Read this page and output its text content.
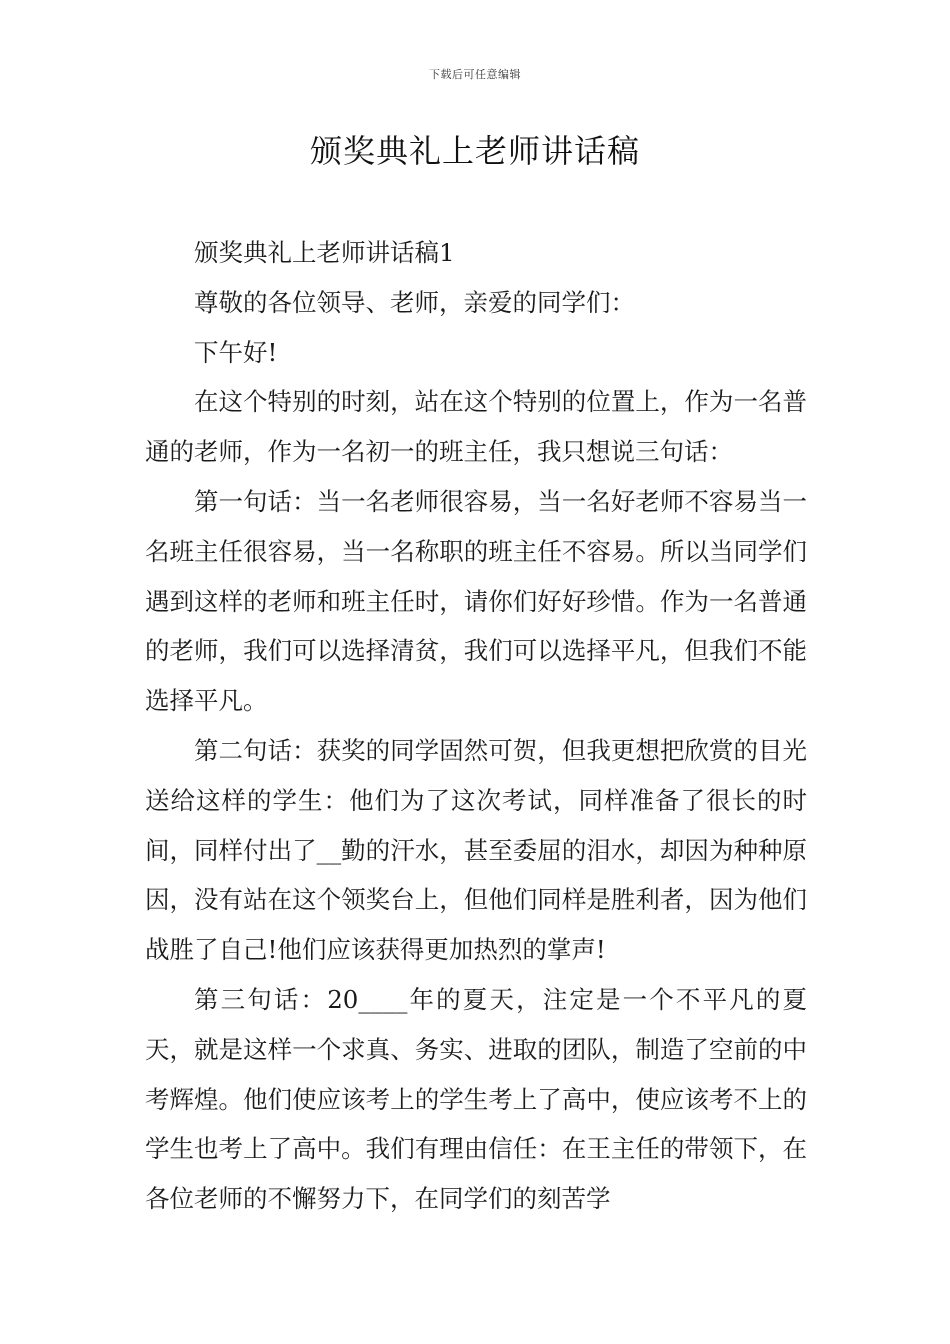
下载后可任意编辑
颁奖典礼上老师讲话稿

颁奖典礼上老师讲话稿1

尊敬的各位领导、老师，亲爱的同学们：

下午好!

在这个特别的时刻，站在这个特别的位置上，作为一名普通的老师，作为一名初一的班主任，我只想说三句话：

第一句话：当一名老师很容易，当一名好老师不容易当一名班主任很容易，当一名称职的班主任不容易。所以当同学们遇到这样的老师和班主任时，请你们好好珍惜。作为一名普通的老师，我们可以选择清贫，我们可以选择平凡，但我们不能选择平凡。

第二句话：获奖的同学固然可贺，但我更想把欣赏的目光送给这样的学生：他们为了这次考试，同样准备了很长的时间，同样付出了__勤的汗水，甚至委屈的泪水，却因为种种原因，没有站在这个领奖台上，但他们同样是胜利者，因为他们战胜了自己!他们应该获得更加热烈的掌声!

第三句话：20____年的夏天，注定是一个不平凡的夏天，就是这样一个求真、务实、进取的团队，制造了空前的中考辉煌。他们使应该考上的学生考上了高中，使应该考不上的学生也考上了高中。我们有理由信任：在王主任的带领下，在各位老师的不懈努力下，在同学们的刻苦学
